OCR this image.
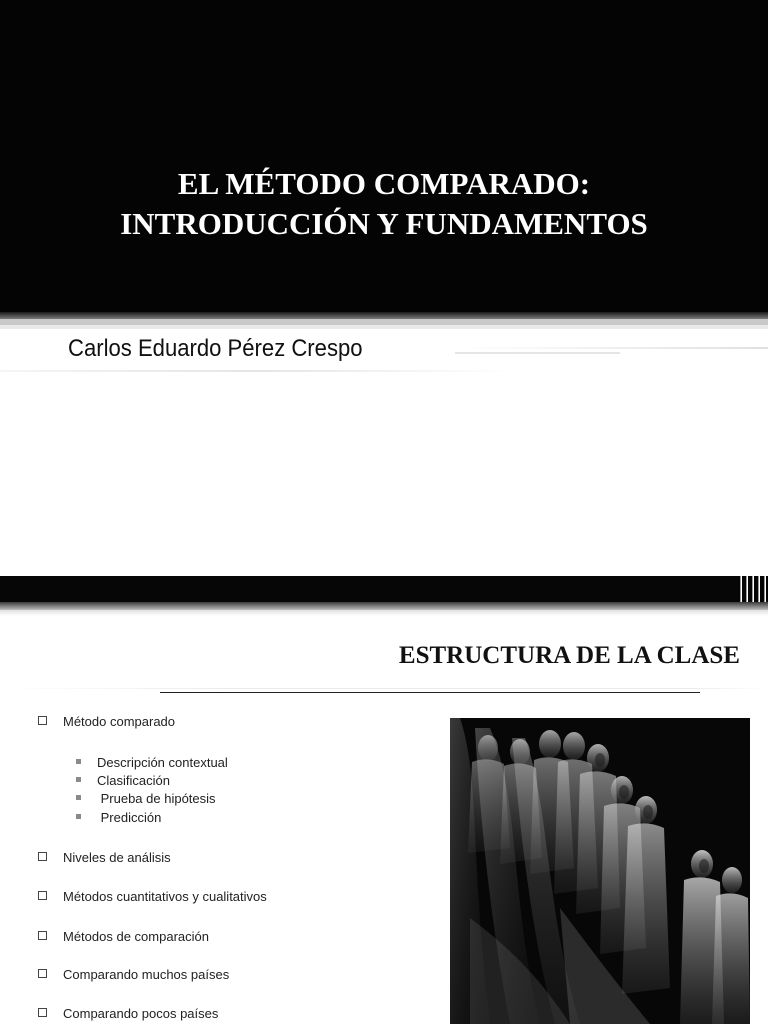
EL MÉTODO COMPARADO:
INTRODUCCIÓN Y FUNDAMENTOS

Carlos Eduardo Pérez Crespo

ESTRUCTURA DE LA CLASE
Método comparado
Descripción contextual
Clasificación
Prueba de hipótesis
Predicción
Niveles de análisis
Métodos cuantitativos y cualitativos
Métodos de comparación
Comparando muchos países
Comparando pocos países
